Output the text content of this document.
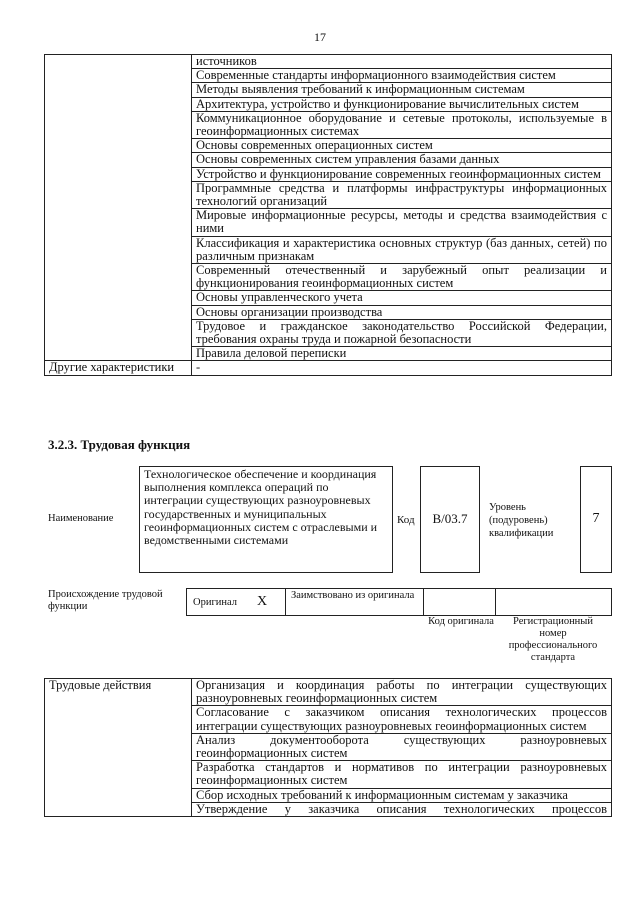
17
	источников
	Современные стандарты информационного взаимодействия систем
	Методы выявления требований к информационным системам
	Архитектура, устройство и функционирование вычислительных систем
	Коммуникационное оборудование и сетевые протоколы, используемые в геоинформационных системах
	Основы современных операционных систем
	Основы современных систем управления базами данных
	Устройство и функционирование современных геоинформационных систем
	Программные средства и платформы инфраструктуры информационных технологий организаций
	Мировые информационные ресурсы, методы и средства взаимодействия с ними
	Классификация и характеристика основных структур (баз данных, сетей) по различным признакам
	Современный отечественный и зарубежный опыт реализации и функционирования геоинформационных систем
	Основы управленческого учета
	Основы организации производства
	Трудовое и гражданское законодательство Российской Федерации, требования охраны труда и пожарной безопасности
	Правила деловой переписки
Другие характеристики	-
3.2.3. Трудовая функция
Наименование
Технологическое обеспечение и координация выполнения комплекса операций по интеграции существующих разноуровневых государственных и муниципальных геоинформационных систем с отраслевыми и ведомственными системами
Код	B/03.7
Уровень (подуровень) квалификации
7
Происхождение трудовой функции	Оригинал X Заимствовано из оригинала
Код оригинала	Регистрационный номер профессионального стандарта
Трудовые действия	Организация и координация работы по интеграции существующих разноуровневых геоинформационных систем
Согласование с заказчиком описания технологических процессов интеграции существующих разноуровневых геоинформационных систем
Анализ документооборота существующих разноуровневых геоинформационных систем
Разработка стандартов и нормативов по интеграции разноуровневых геоинформационных систем
Сбор исходных требований к информационным системам у заказчика
Утверждение у заказчика описания технологических процессов
